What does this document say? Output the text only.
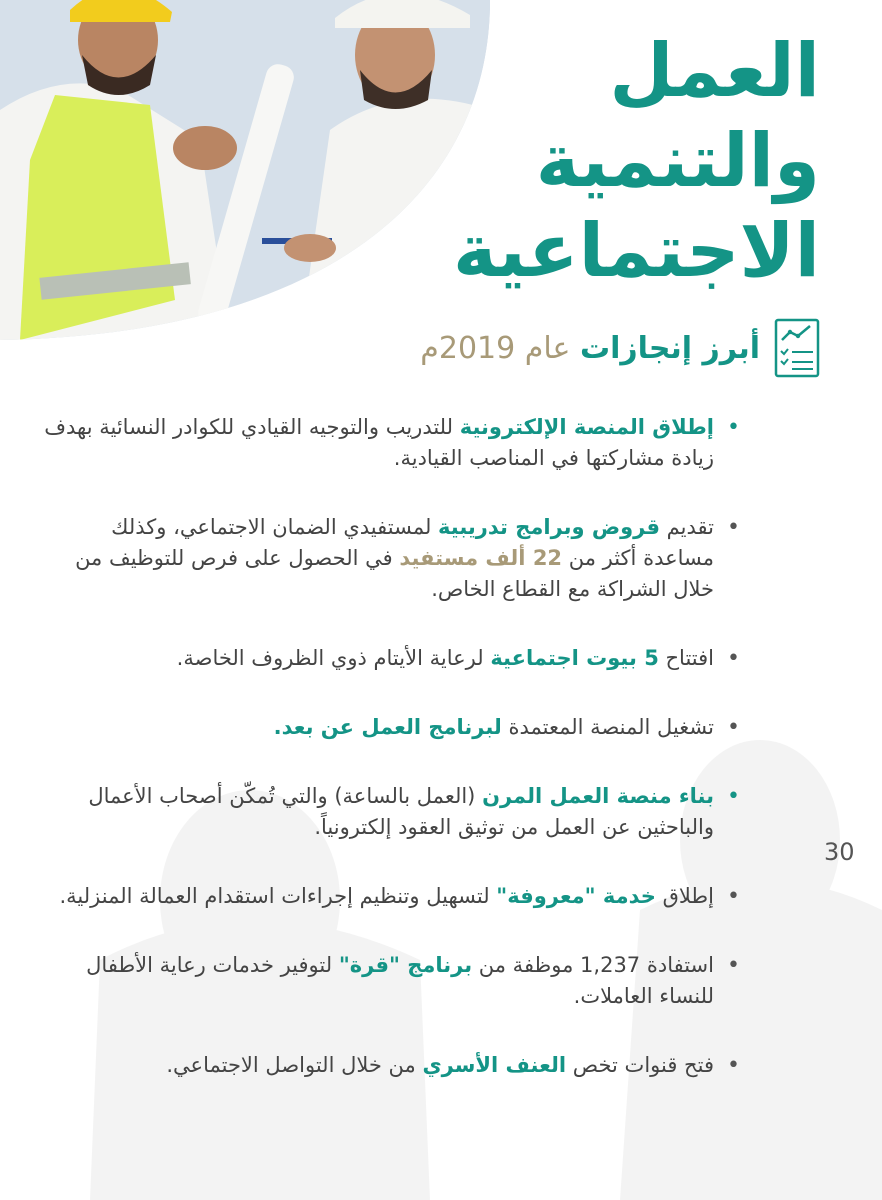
العمل
والتنمية
الاجتماعية
أبرز إنجازات عام 2019م
• إطلاق المنصة الإلكترونية للتدريب والتوجيه القيادي للكوادر النسائية بهدف زيادة مشاركتها في المناصب القيادية.
• تقديم قروض وبرامج تدريبية لمستفيدي الضمان الاجتماعي، وكذلك مساعدة أكثر من 22 ألف مستفيد في الحصول على فرص للتوظيف من خلال الشراكة مع القطاع الخاص.
• افتتاح 5 بيوت اجتماعية لرعاية الأيتام ذوي الظروف الخاصة.
• تشغيل المنصة المعتمدة لبرنامج العمل عن بعد.
• بناء منصة العمل المرن (العمل بالساعة) والتي تُمكّن أصحاب الأعمال والباحثين عن العمل من توثيق العقود إلكترونياً.
• إطلاق خدمة "معروفة" لتسهيل وتنظيم إجراءات استقدام العمالة المنزلية.
• استفادة 1,237 موظفة من برنامج "قرة" لتوفير خدمات رعاية الأطفال للنساء العاملات.
• فتح قنوات تخص العنف الأسري من خلال التواصل الاجتماعي.
30
